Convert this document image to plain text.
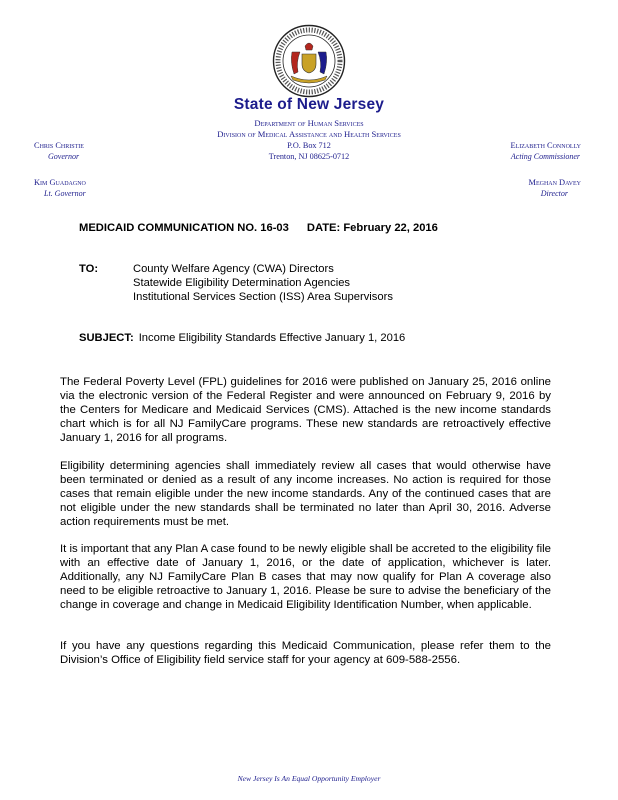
State of New Jersey
Department of Human Services
Division of Medical Assistance and Health Services
P.O. Box 712
Trenton, NJ 08625-0712
Chris Christie
Governor
Kim Guadagno
Lt. Governor
Elizabeth Connolly
Acting Commissioner
Meghan Davey
Director
MEDICAID COMMUNICATION NO. 16-03 DATE: February 22, 2016
TO:	County Welfare Agency (CWA) Directors
Statewide Eligibility Determination Agencies
Institutional Services Section (ISS) Area Supervisors
SUBJECT: Income Eligibility Standards Effective January 1, 2016
The Federal Poverty Level (FPL) guidelines for 2016 were published on January 25, 2016 online via the electronic version of the Federal Register and were announced on February 9, 2016 by the Centers for Medicare and Medicaid Services (CMS). Attached is the new income standards chart which is for all NJ FamilyCare programs. These new standards are retroactively effective January 1, 2016 for all programs.
Eligibility determining agencies shall immediately review all cases that would otherwise have been terminated or denied as a result of any income increases. No action is required for those cases that remain eligible under the new income standards. Any of the continued cases that are not eligible under the new standards shall be terminated no later than April 30, 2016. Adverse action requirements must be met.
It is important that any Plan A case found to be newly eligible shall be accreted to the eligibility file with an effective date of January 1, 2016, or the date of application, whichever is later. Additionally, any NJ FamilyCare Plan B cases that may now qualify for Plan A coverage also need to be eligible retroactive to January 1, 2016. Please be sure to advise the beneficiary of the change in coverage and change in Medicaid Eligibility Identification Number, when applicable.
If you have any questions regarding this Medicaid Communication, please refer them to the Division’s Office of Eligibility field service staff for your agency at 609-588-2556.
New Jersey Is An Equal Opportunity Employer
